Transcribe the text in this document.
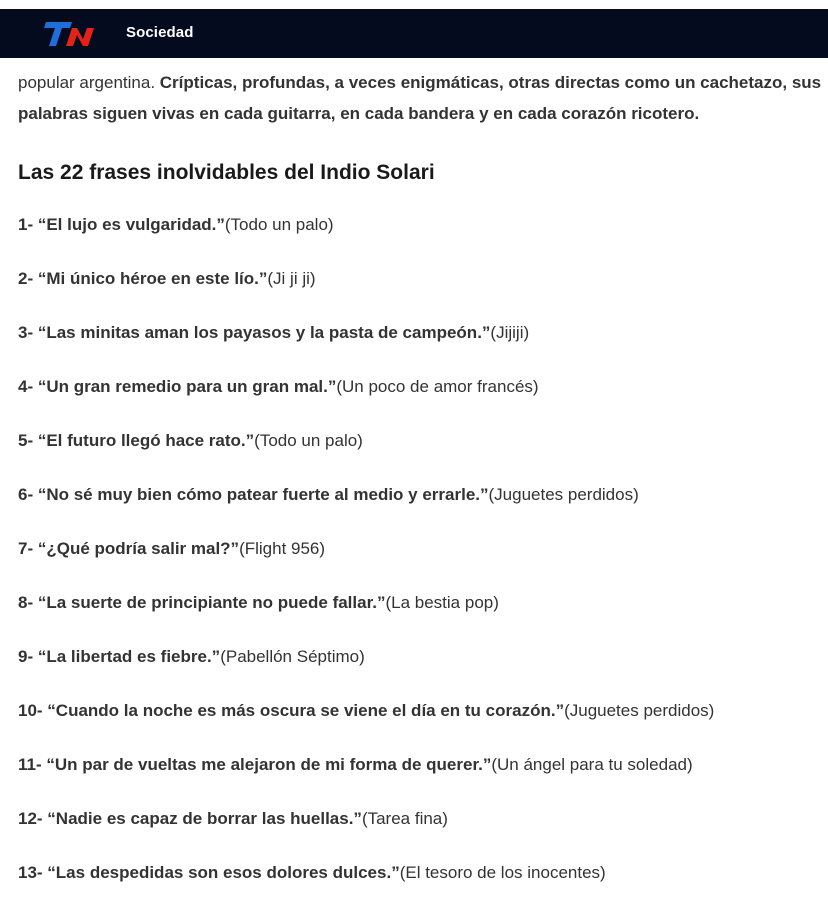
Sociedad

popular argentina. Crípticas, profundas, a veces enigmáticas, otras directas como un cachetazo, sus palabras siguen vivas en cada guitarra, en cada bandera y en cada corazón ricotero.

Las 22 frases inolvidables del Indio Solari

1- “El lujo es vulgaridad.”(Todo un palo)

2- “Mi único héroe en este lío.”(Ji ji ji)

3- “Las minitas aman los payasos y la pasta de campeón.”(Jijiji)

4- “Un gran remedio para un gran mal.”(Un poco de amor francés)

5- “El futuro llegó hace rato.”(Todo un palo)

6- “No sé muy bien cómo patear fuerte al medio y errarle.”(Juguetes perdidos)

7- “¿Qué podría salir mal?”(Flight 956)

8- “La suerte de principiante no puede fallar.”(La bestia pop)

9- “La libertad es fiebre.”(Pabellón Séptimo)

10- “Cuando la noche es más oscura se viene el día en tu corazón.”(Juguetes perdidos)

11- “Un par de vueltas me alejaron de mi forma de querer.”(Un ángel para tu soledad)

12- “Nadie es capaz de borrar las huellas.”(Tarea fina)

13- “Las despedidas son esos dolores dulces.”(El tesoro de los inocentes)
